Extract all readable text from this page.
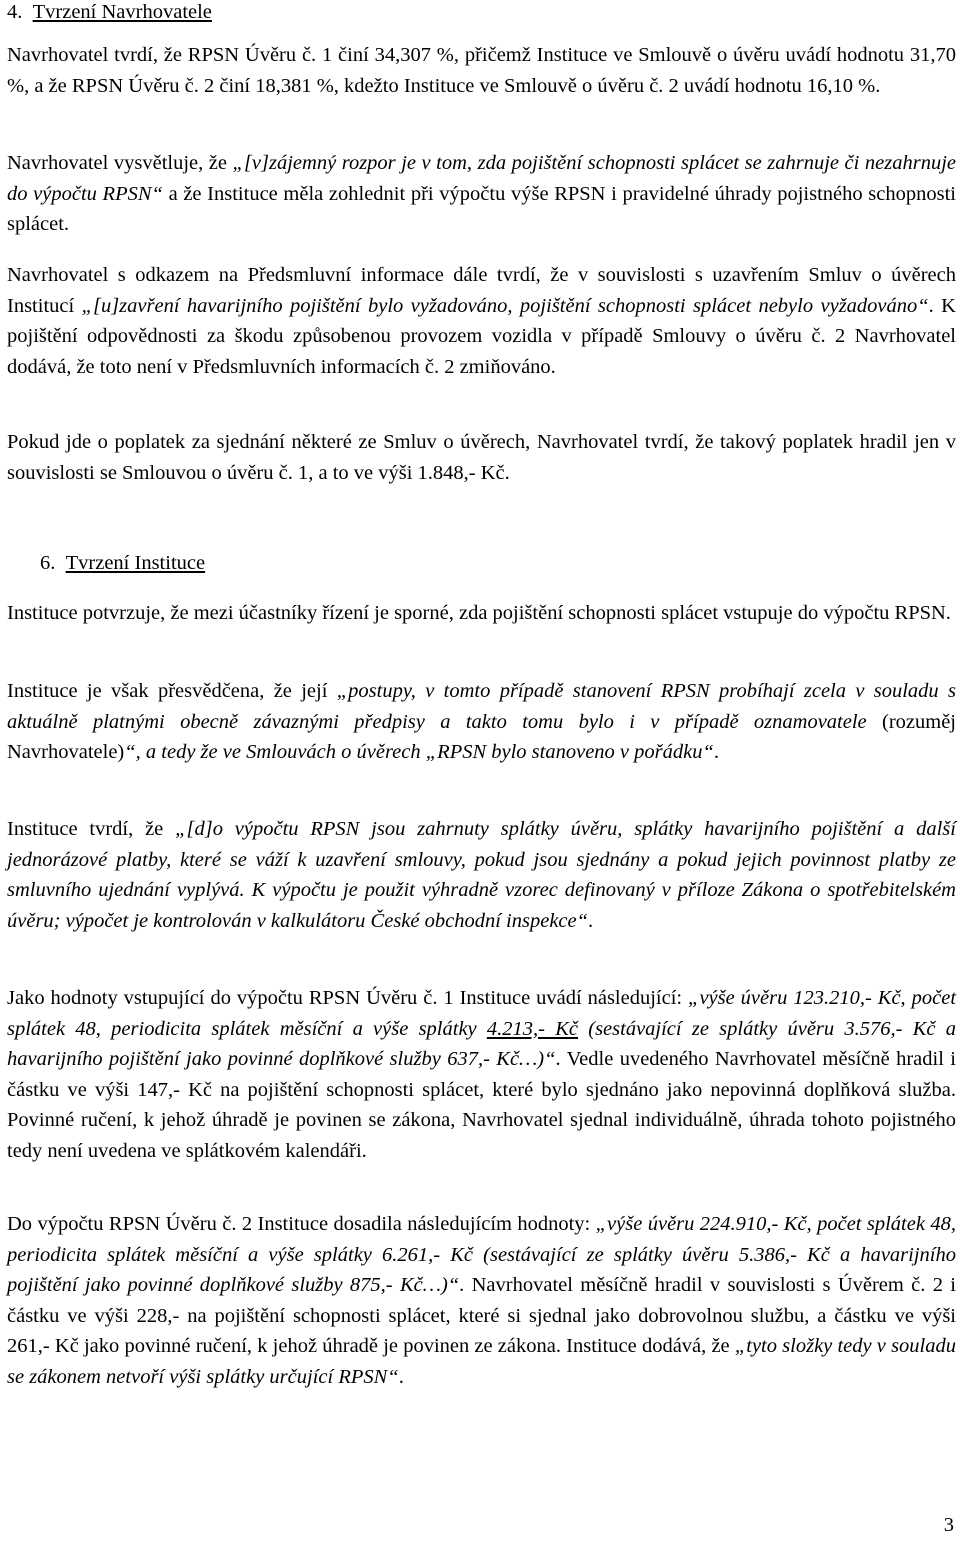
4. Tvrzení Navrhovatele

Navrhovatel tvrdí, že RPSN Úvěru č. 1 činí 34,307 %, přičemž Instituce ve Smlouvě o úvěru uvádí hodnotu 31,70 %, a že RPSN Úvěru č. 2 činí 18,381 %, kdežto Instituce ve Smlouvě o úvěru č. 2 uvádí hodnotu 16,10 %.

Navrhovatel vysvětluje, že „[v]zájemný rozpor je v tom, zda pojištění schopnosti splácet se zahrnuje či nezahrnuje do výpočtu RPSN“ a že Instituce měla zohlednit při výpočtu výše RPSN i pravidelné úhrady pojistného schopnosti splácet.

Navrhovatel s odkazem na Předsmluvní informace dále tvrdí, že v souvislosti s uzavřením Smluv o úvěrech Institucí „[u]zavření havarijního pojištění bylo vyžadováno, pojištění schopnosti splácet nebylo vyžadováno“. K pojištění odpovědnosti za škodu způsobenou provozem vozidla v případě Smlouvy o úvěru č. 2 Navrhovatel dodává, že toto není v Předsmluvních informacích č. 2 zmiňováno.

Pokud jde o poplatek za sjednání některé ze Smluv o úvěrech, Navrhovatel tvrdí, že takový poplatek hradil jen v souvislosti se Smlouvou o úvěru č. 1, a to ve výši 1.848,- Kč.

6. Tvrzení Instituce

Instituce potvrzuje, že mezi účastníky řízení je sporné, zda pojištění schopnosti splácet vstupuje do výpočtu RPSN.

Instituce je však přesvědčena, že její „postupy, v tomto případě stanovení RPSN probíhají zcela v souladu s aktuálně platnými obecně závaznými předpisy a takto tomu bylo i v případě oznamovatele (rozuměj Navrhovatele)“, a tedy že ve Smlouvách o úvěrech „RPSN bylo stanoveno v pořádku“.

Instituce tvrdí, že „[d]o výpočtu RPSN jsou zahrnuty splátky úvěru, splátky havarijního pojištění a další jednorázové platby, které se váží k uzavření smlouvy, pokud jsou sjednány a pokud jejich povinnost platby ze smluvního ujednání vyplývá. K výpočtu je použit výhradně vzorec definovaný v příloze Zákona o spotřebitelském úvěru; výpočet je kontrolován v kalkulátoru České obchodní inspekce“.

Jako hodnoty vstupující do výpočtu RPSN Úvěru č. 1 Instituce uvádí následující: „výše úvěru 123.210,- Kč, počet splátek 48, periodicita splátek měsíční a výše splátky 4.213,- Kč (sestávající ze splátky úvěru 3.576,- Kč a havarijního pojištění jako povinné doplňkové služby 637,- Kč…)“. Vedle uvedeného Navrhovatel měsíčně hradil i částku ve výši 147,- Kč na pojištění schopnosti splácet, které bylo sjednáno jako nepovinná doplňková služba. Povinné ručení, k jehož úhradě je povinen se zákona, Navrhovatel sjednal individuálně, úhrada tohoto pojistného tedy není uvedena ve splátkovém kalendáři.

Do výpočtu RPSN Úvěru č. 2 Instituce dosadila následujícím hodnoty: „výše úvěru 224.910,- Kč, počet splátek 48, periodicita splátek měsíční a výše splátky 6.261,- Kč (sestávající ze splátky úvěru 5.386,- Kč a havarijního pojištění jako povinné doplňkové služby 875,- Kč…)“. Navrhovatel měsíčně hradil v souvislosti s Úvěrem č. 2 i částku ve výši 228,- na pojištění schopnosti splácet, které si sjednal jako dobrovolnou službu, a částku ve výši 261,- Kč jako povinné ručení, k jehož úhradě je povinen ze zákona. Instituce dodává, že „tyto složky tedy v souladu se zákonem netvoří výši splátky určující RPSN“.

3
